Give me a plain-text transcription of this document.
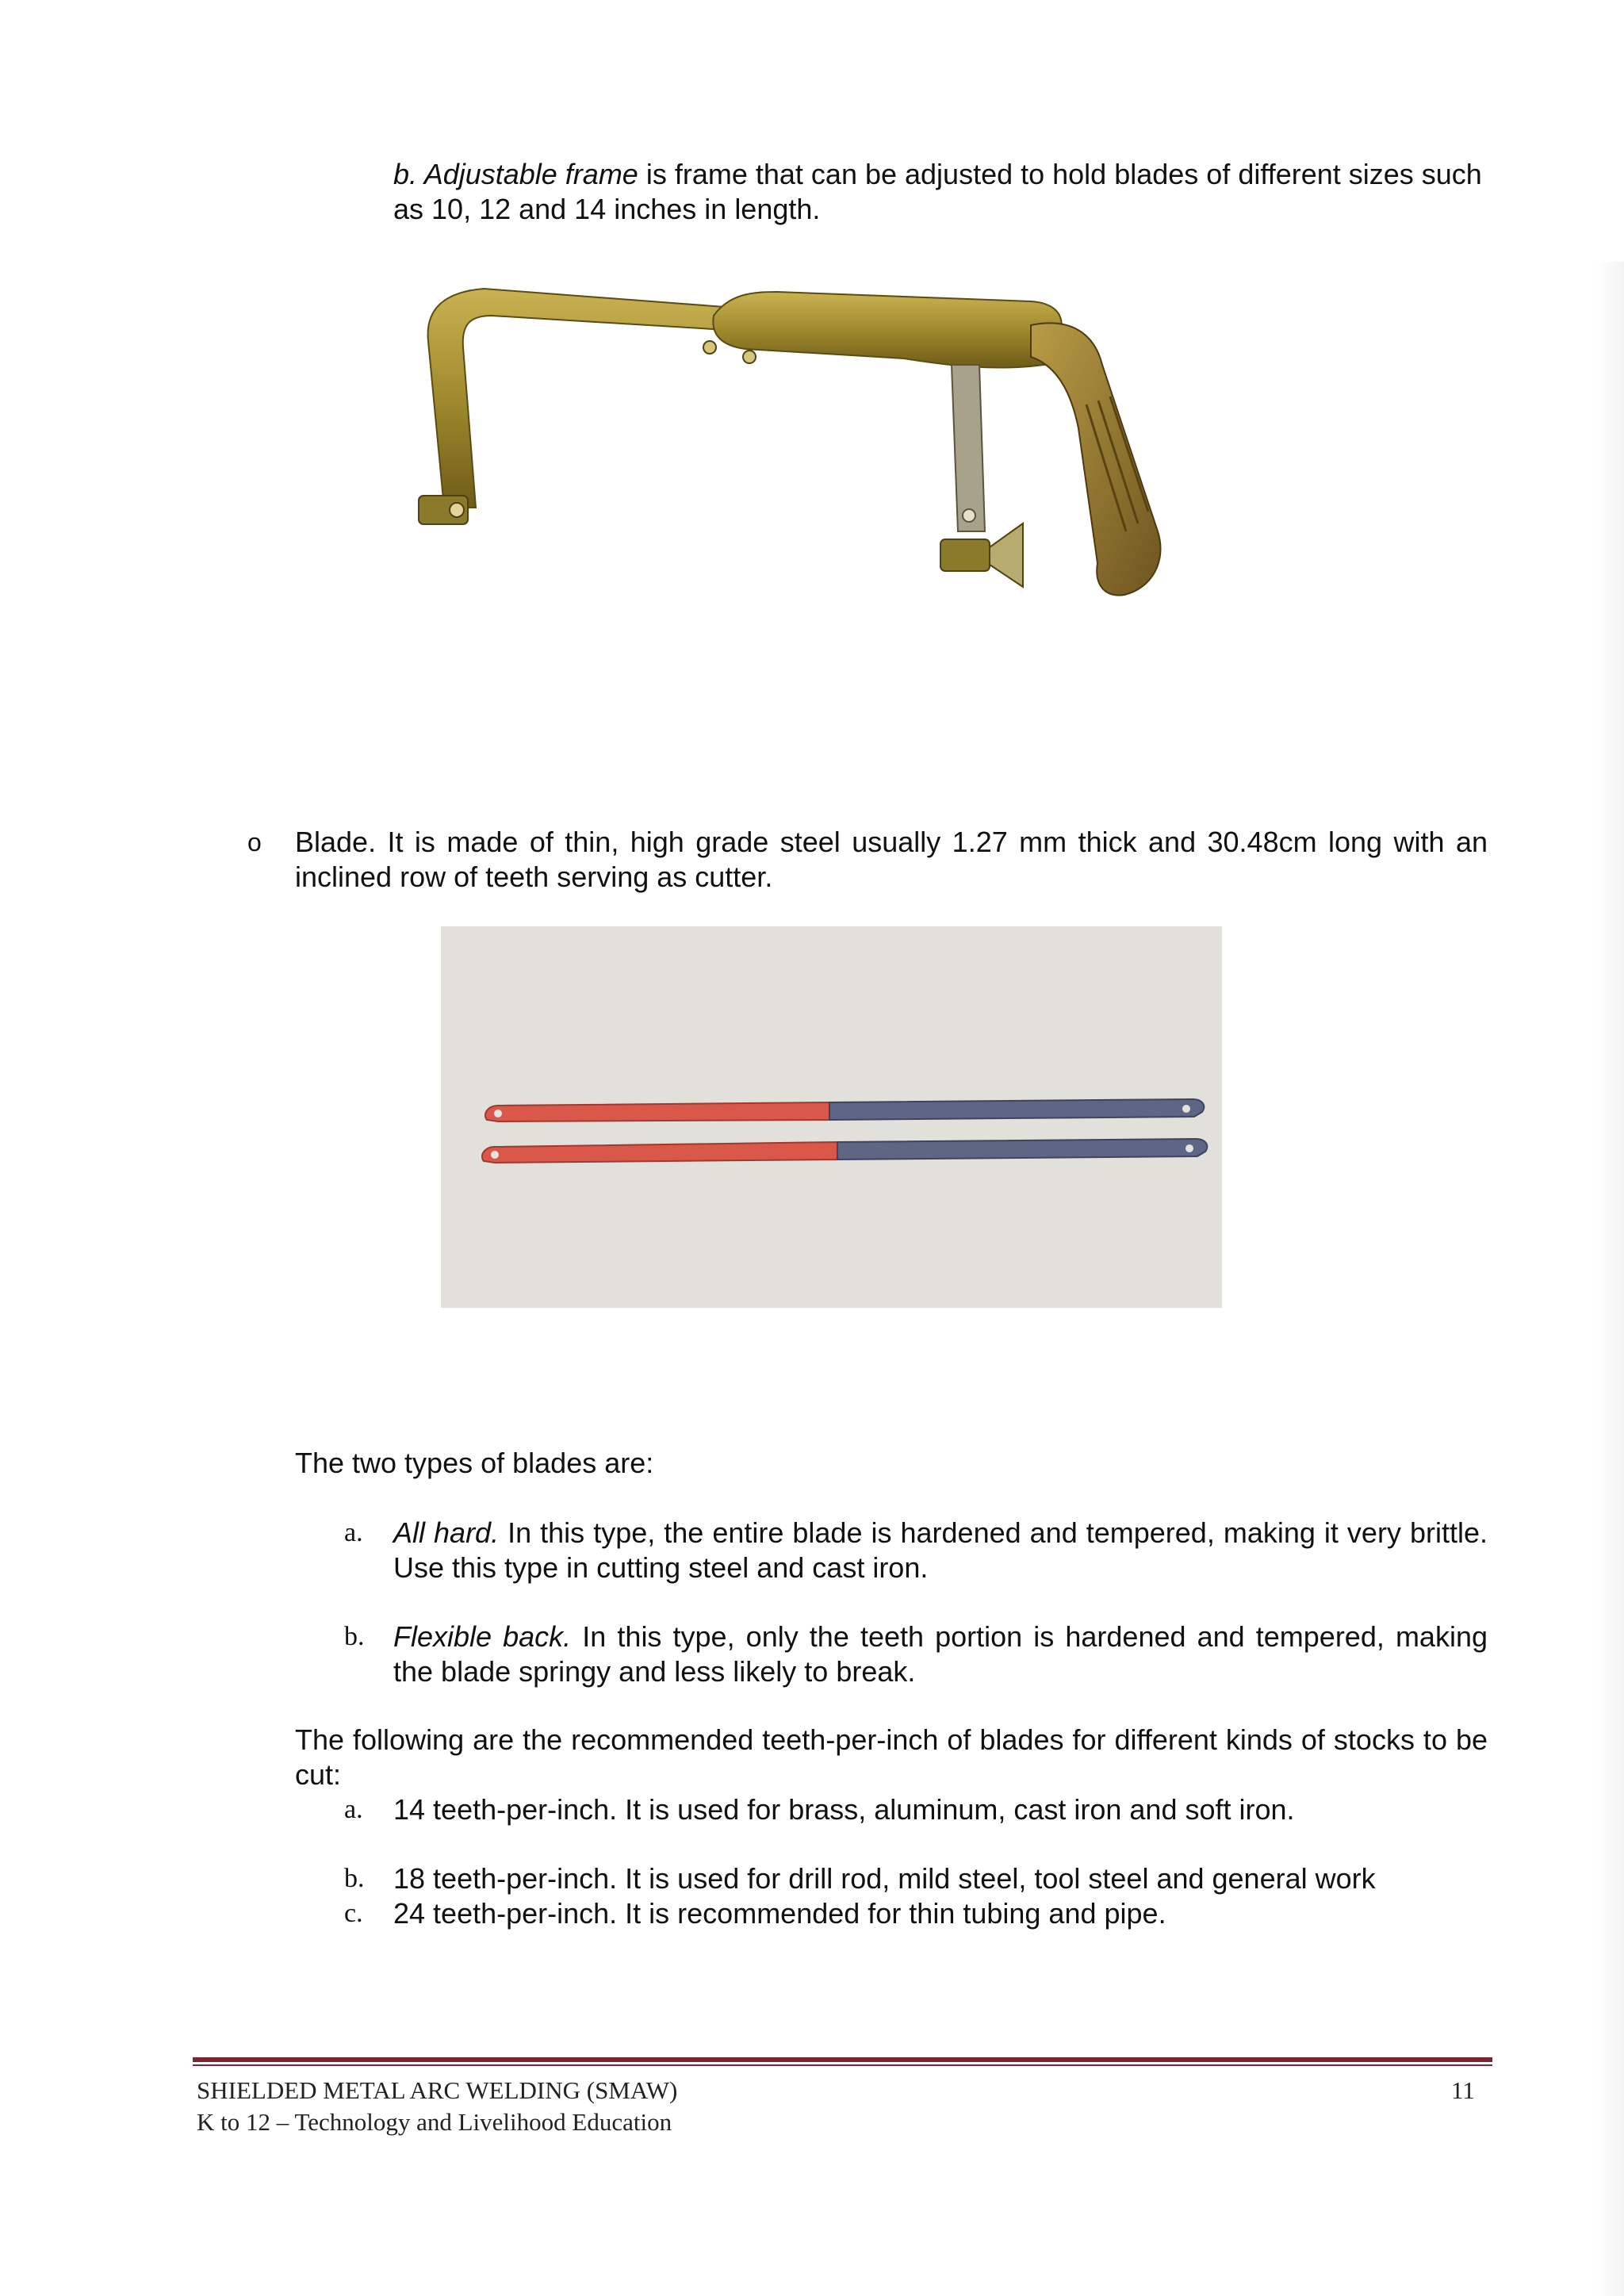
b. Adjustable frame is frame that can be adjusted to hold blades of different sizes such as 10, 12 and 14 inches in length.

o Blade. It is made of thin, high grade steel usually 1.27 mm thick and 30.48cm long with an inclined row of teeth serving as cutter.

The two types of blades are:

a. All hard. In this type, the entire blade is hardened and tempered, making it very brittle. Use this type in cutting steel and cast iron.

b. Flexible back. In this type, only the teeth portion is hardened and tempered, making the blade springy and less likely to break.

The following are the recommended teeth-per-inch of blades for different kinds of stocks to be cut:

a. 14 teeth-per-inch. It is used for brass, aluminum, cast iron and soft iron.

b. 18 teeth-per-inch. It is used for drill rod, mild steel, tool steel and general work

c. 24 teeth-per-inch. It is recommended for thin tubing and pipe.

SHIELDED METAL ARC WELDING (SMAW)	11
K to 12 – Technology and Livelihood Education
